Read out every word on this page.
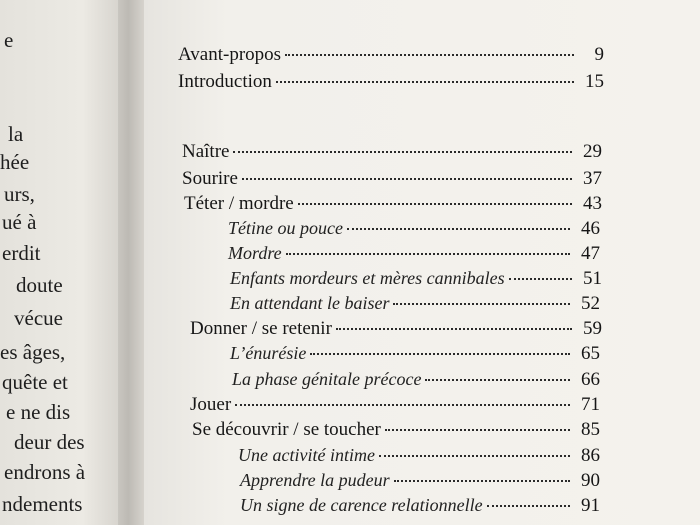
e
la
hée
urs,
ué à
erdit
doute
vécue
es âges,
quête et
e ne dis
deur des
endrons à
ndements
Avant-propos	9
Introduction	15
Naître	29
Sourire	37
Téter / mordre	43
Tétine ou pouce	46
Mordre	47
Enfants mordeurs et mères cannibales	51
En attendant le baiser	52
Donner / se retenir	59
L’énurésie	65
La phase génitale précoce	66
Jouer	71
Se découvrir / se toucher	85
Une activité intime	86
Apprendre la pudeur	90
Un signe de carence relationnelle	91
